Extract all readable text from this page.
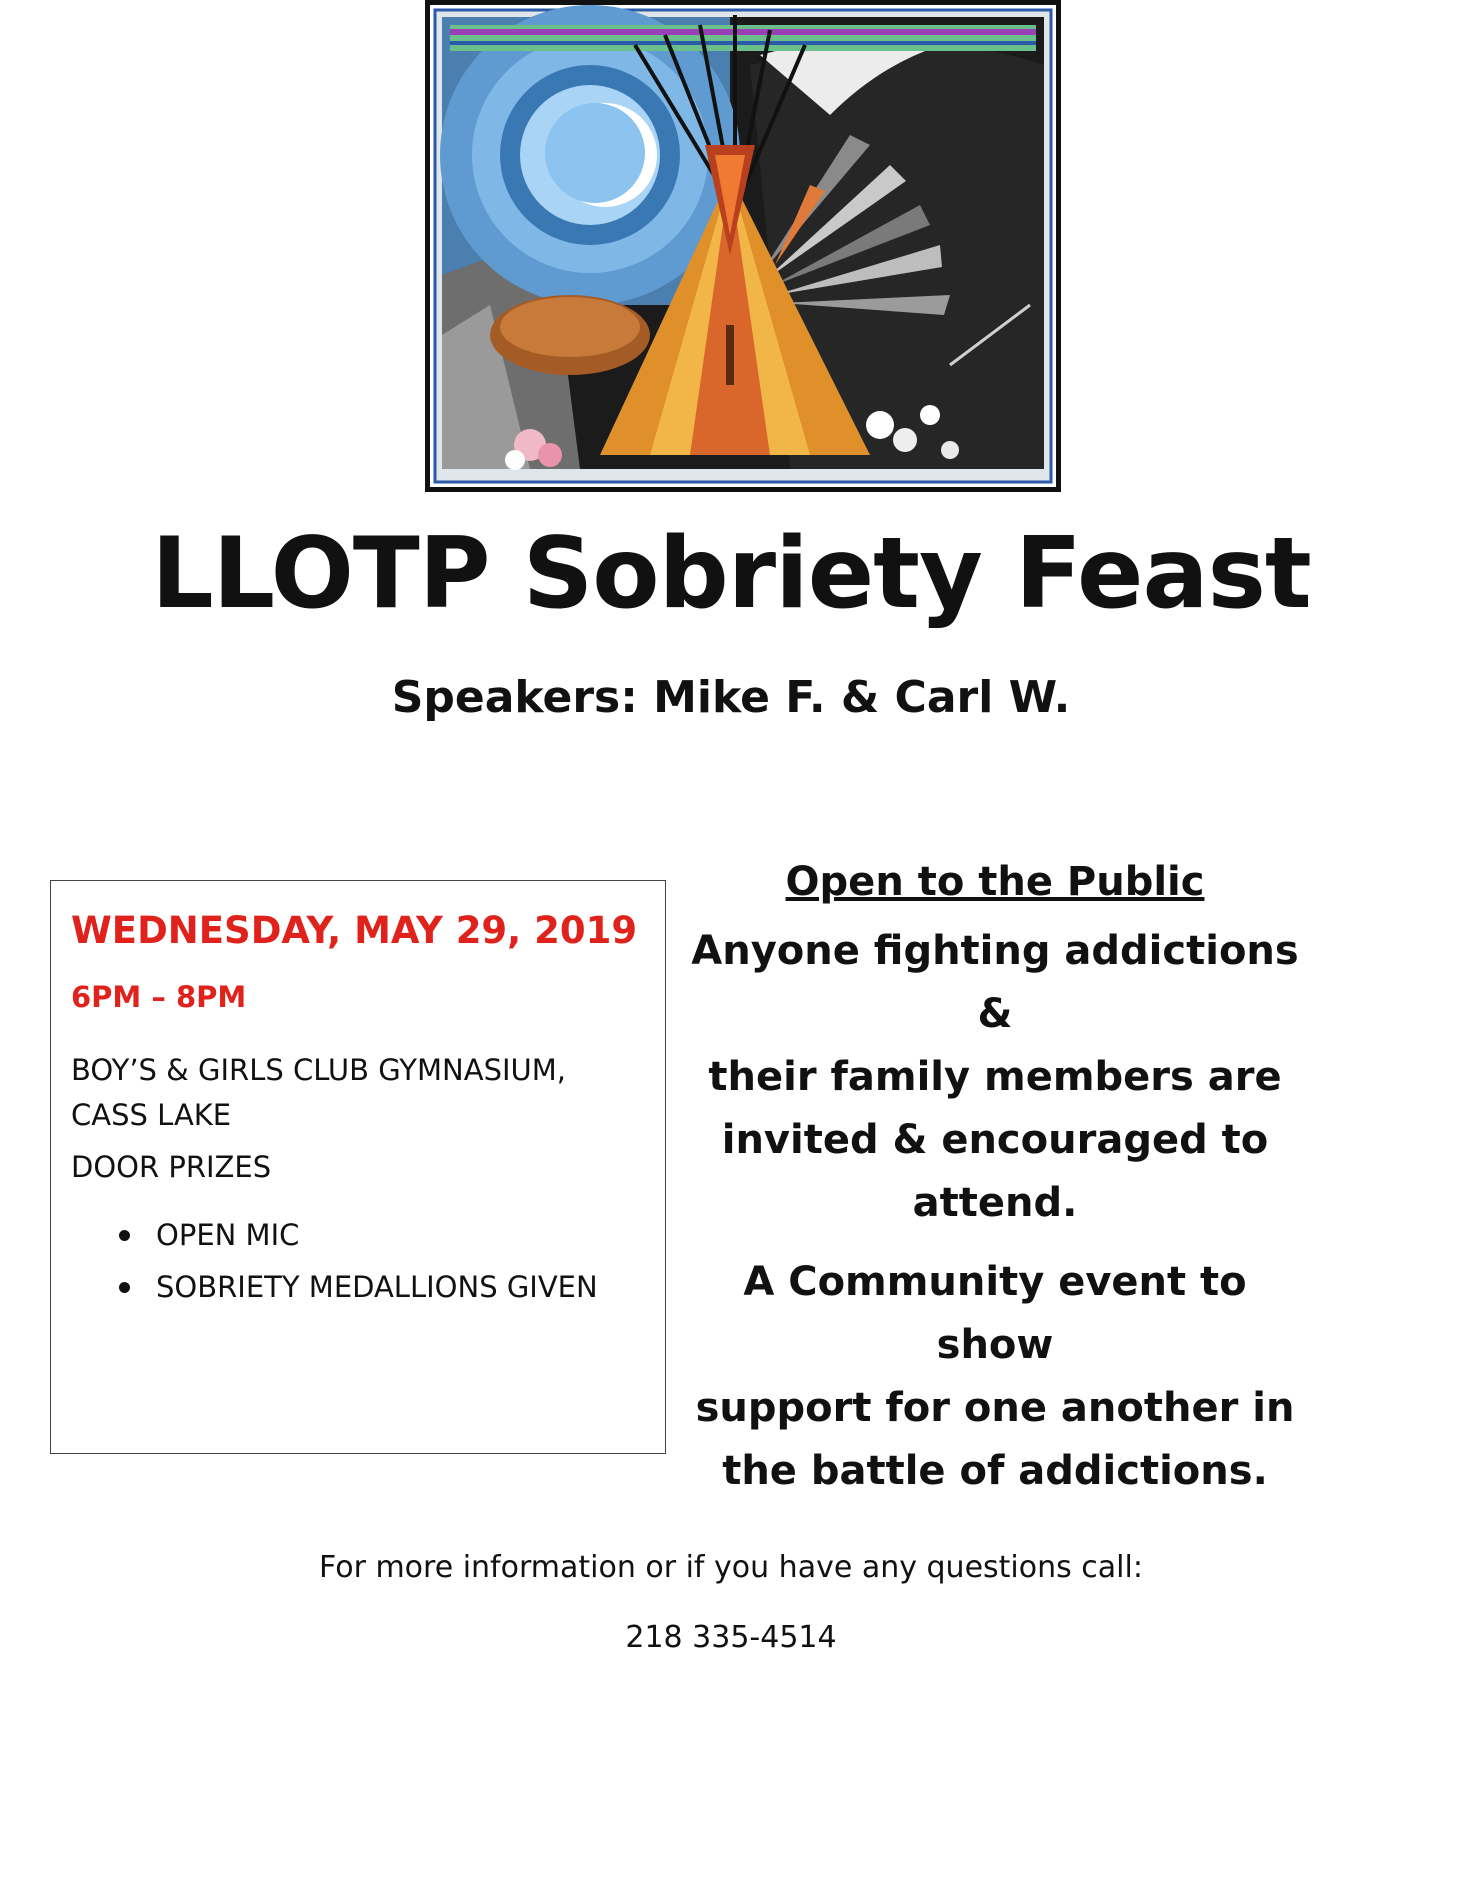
LLOTP Sobriety Feast
Speakers: Mike F. & Carl W.
WEDNESDAY, MAY 29, 2019
6PM – 8PM
BOY’S & GIRLS CLUB GYMNASIUM,
CASS LAKE
DOOR PRIZES
OPEN MIC
SOBRIETY MEDALLIONS GIVEN
Open to the Public
Anyone fighting addictions &
their family members are
invited & encouraged to
attend.
A Community event to show
support for one another in
the battle of addictions.
For more information or if you have any questions call:
218 335-4514
